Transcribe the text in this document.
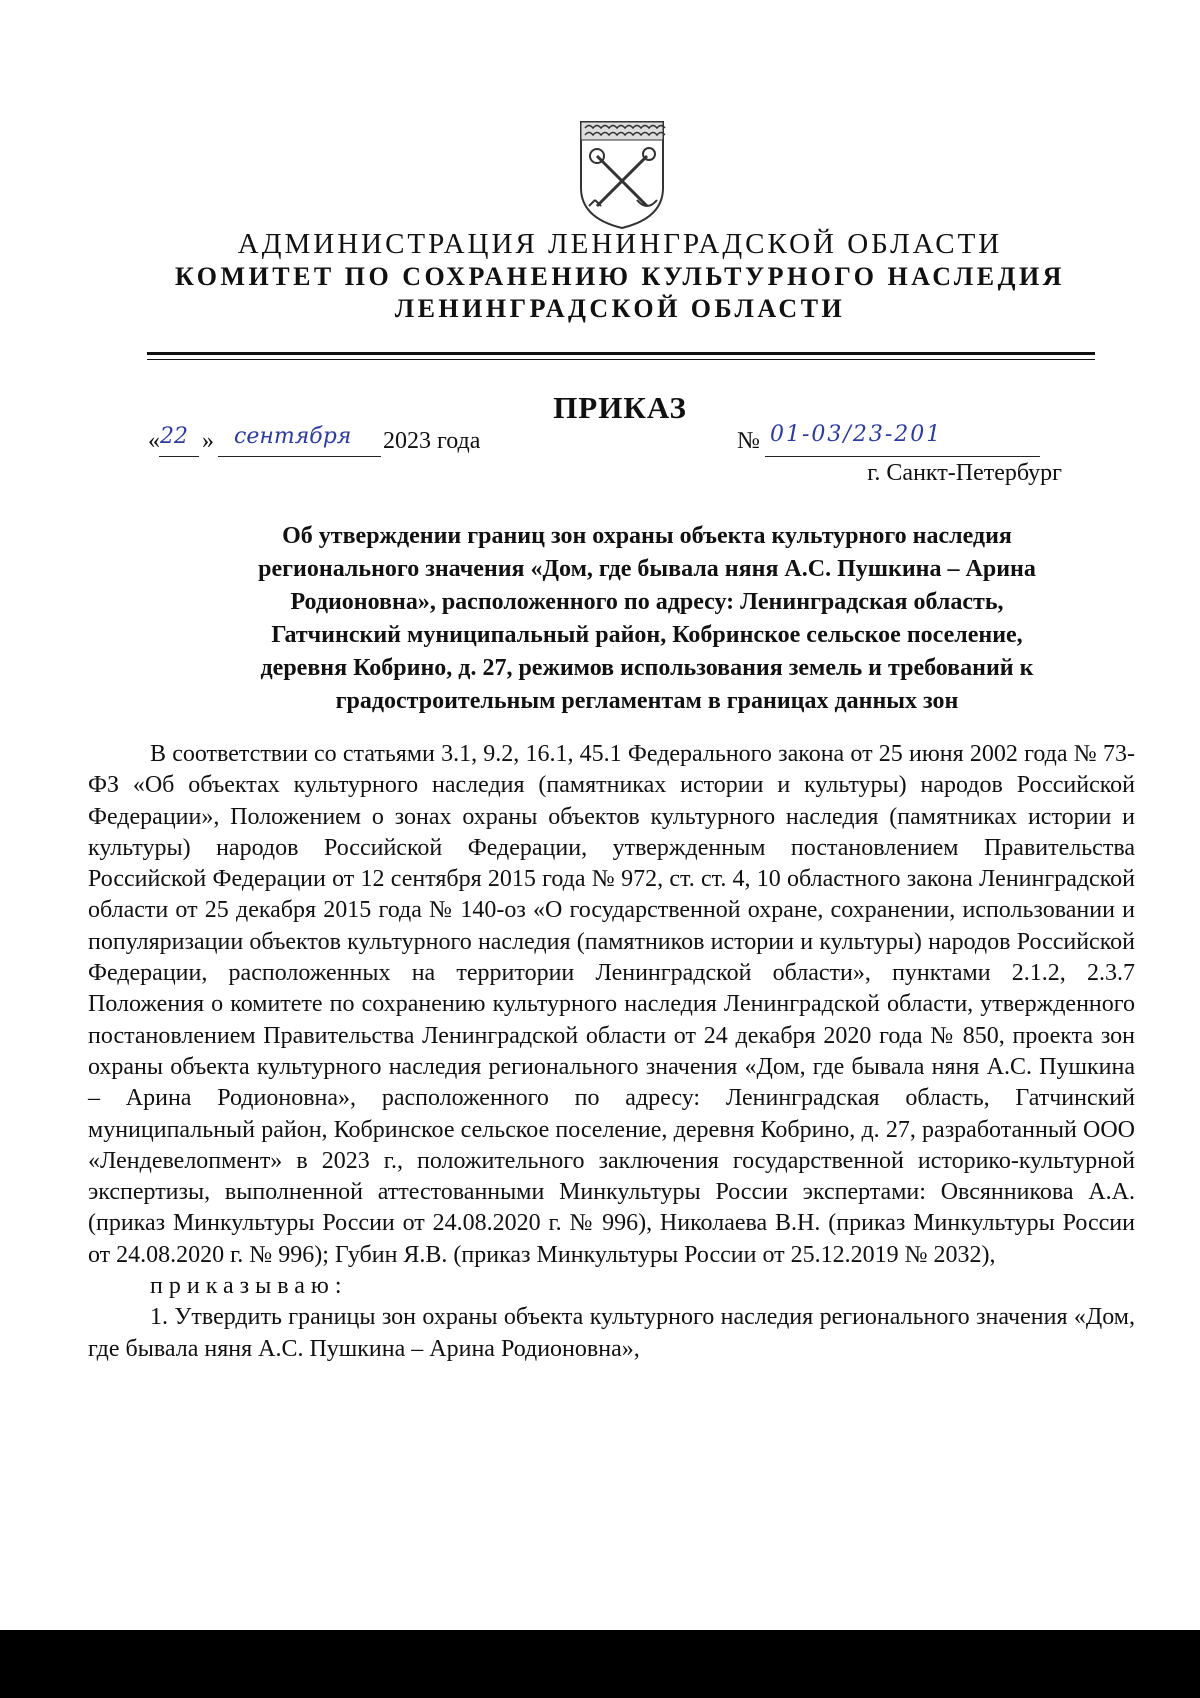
АДМИНИСТРАЦИЯ ЛЕНИНГРАДСКОЙ ОБЛАСТИ
КОМИТЕТ ПО СОХРАНЕНИЮ КУЛЬТУРНОГО НАСЛЕДИЯ
ЛЕНИНГРАДСКОЙ ОБЛАСТИ
ПРИКАЗ
« 22 » сентября 2023 года	№ 01-03/23-201
г. Санкт-Петербург
Об утверждении границ зон охраны объекта культурного наследия
регионального значения «Дом, где бывала няня А.С. Пушкина – Арина
Родионовна», расположенного по адресу: Ленинградская область,
Гатчинский муниципальный район, Кобринское сельское поселение,
деревня Кобрино, д. 27, режимов использования земель и требований к
градостроительным регламентам в границах данных зон

В соответствии со статьями 3.1, 9.2, 16.1, 45.1 Федерального закона от 25 июня 2002 года № 73-ФЗ «Об объектах культурного наследия (памятниках истории и культуры) народов Российской Федерации», Положением о зонах охраны объектов культурного наследия (памятниках истории и культуры) народов Российской Федерации, утвержденным постановлением Правительства Российской Федерации от 12 сентября 2015 года № 972, ст. ст. 4, 10 областного закона Ленинградской области от 25 декабря 2015 года № 140-оз «О государственной охране, сохранении, использовании и популяризации объектов культурного наследия (памятников истории и культуры) народов Российской Федерации, расположенных на территории Ленинградской области», пунктами 2.1.2, 2.3.7 Положения о комитете по сохранению культурного наследия Ленинградской области, утвержденного постановлением Правительства Ленинградской области от 24 декабря 2020 года № 850, проекта зон охраны объекта культурного наследия регионального значения «Дом, где бывала няня А.С. Пушкина – Арина Родионовна», расположенного по адресу: Ленинградская область, Гатчинский муниципальный район, Кобринское сельское поселение, деревня Кобрино, д. 27, разработанный ООО «Лендевелопмент» в 2023 г., положительного заключения государственной историко-культурной экспертизы, выполненной аттестованными Минкультуры России экспертами: Овсянникова А.А. (приказ Минкультуры России от 24.08.2020 г. № 996), Николаева В.Н. (приказ Минкультуры России от 24.08.2020 г. № 996); Губин Я.В. (приказ Минкультуры России от 25.12.2019 № 2032),

приказываю:

1. Утвердить границы зон охраны объекта культурного наследия регионального значения «Дом, где бывала няня А.С. Пушкина – Арина Родионовна»,
